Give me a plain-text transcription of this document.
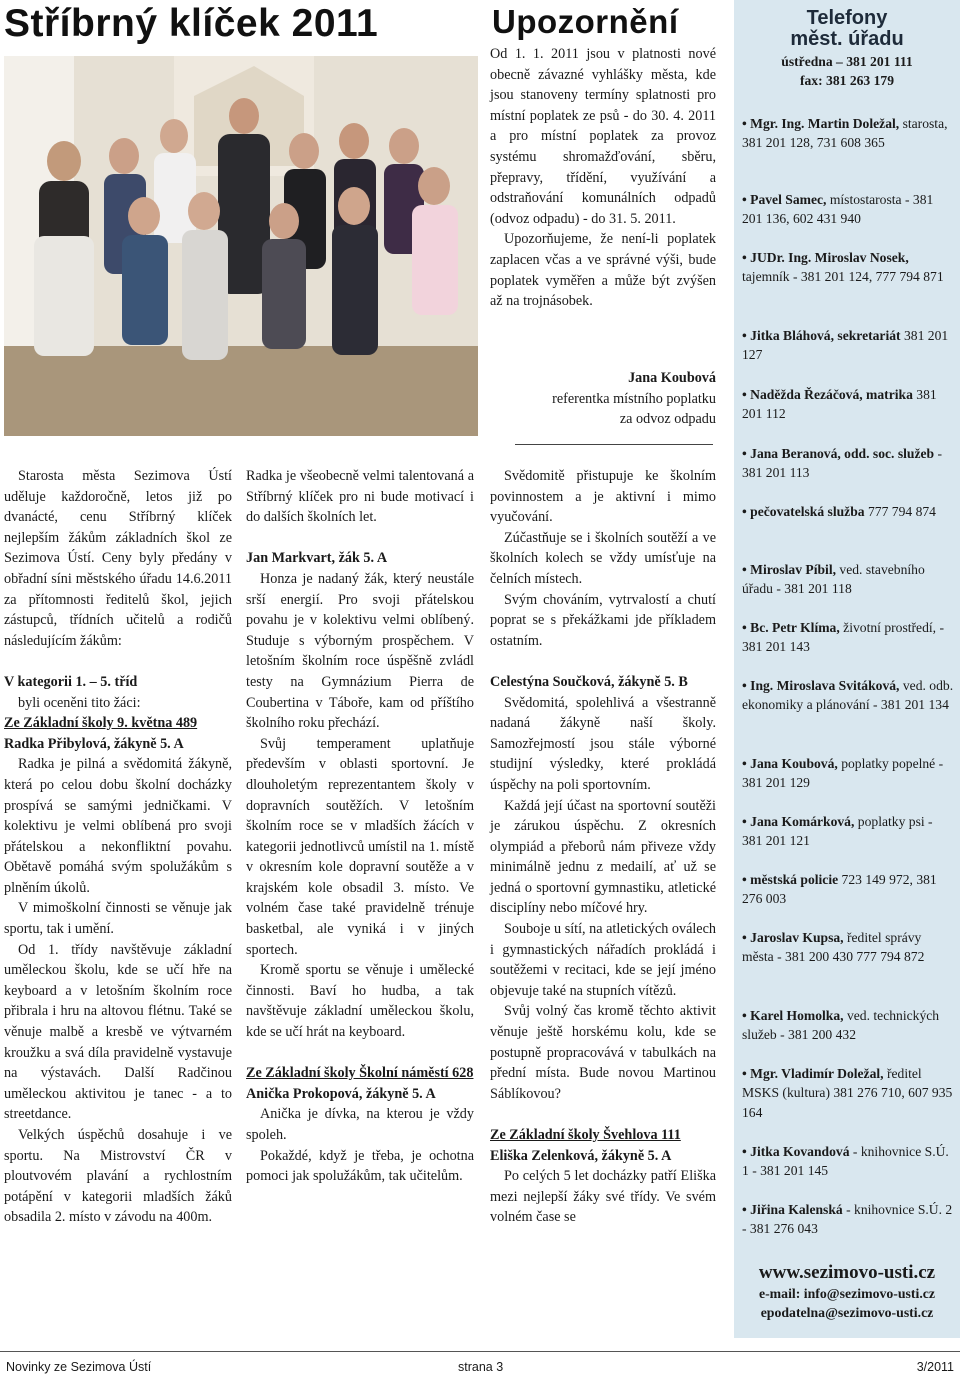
Stříbrný klíček 2011	Upozornění

Od 1. 1. 2011 jsou v platnosti nové obecně závazné vyhlášky města, kde jsou stanoveny termíny splatnosti pro místní poplatek ze psů - do 30. 4. 2011 a pro místní poplatek za provoz systému shromažďování, sběru, přepravy, třídění, využívání a odstraňování komunálních odpadů (odvoz odpadu) - do 31. 5. 2011.

Upozorňujeme, že není-li poplatek zaplacen včas a ve správné výši, bude poplatek vyměřen a může být zvýšen až na trojnásobek.

Jana Koubová
referentka místního poplatku
za odvoz odpadu
Telefony
měst. úřadu
ústředna – 381 201 111
fax: 381 263 179
• Mgr. Ing. Martin Doležal, starosta, 381 201 128, 731 608 365
• Pavel Samec, místostarosta - 381 201 136, 602 431 940
• JUDr. Ing. Miroslav Nosek, tajemník - 381 201 124, 777 794 871
• Jitka Bláhová, sekretariát 381 201 127
• Naděžda Řezáčová, matrika 381 201 112
• Jana Beranová, odd. soc. služeb - 381 201 113
• pečovatelská služba 777 794 874
• Miroslav Píbil, ved. stavebního úřadu - 381 201 118
• Bc. Petr Klíma, životní prostředí, - 381 201 143
• Ing. Miroslava Svitáková, ved. odb. ekonomiky a plánování - 381 201 134
• Jana Koubová, poplatky popelné - 381 201 129
• Jana Komárková, poplatky psi - 381 201 121
• městská policie 723 149 972, 381 276 003
• Jaroslav Kupsa, ředitel správy města - 381 200 430 777 794 872
• Karel Homolka, ved. technických služeb - 381 200 432
• Mgr. Vladimír Doležal, ředitel MSKS (kultura) 381 276 710, 607 935 164
• Jitka Kovandová - knihovnice S.Ú. 1 - 381 201 145
• Jiřina Kalenská - knihovnice S.Ú. 2 - 381 276 043
www.sezimovo-usti.cz
e-mail: info@sezimovo-usti.cz
epodatelna@sezimovo-usti.cz

Starosta města Sezimova Ústí uděluje každoročně, letos již po dvanácté, cenu Stříbrný klíček nejlepším žákům základních škol ze Sezimova Ústí. Ceny byly předány v obřadní síni městského úřadu 14.6.2011 za přítomnosti ředitelů škol, jejich zástupců, třídních učitelů a rodičů následujícím žákům:

V kategorii 1. – 5. tříd

byli oceněni tito žáci:

Ze Základní školy 9. května 489

Radka Přibylová, žákyně 5. A

Radka je pilná a svědomitá žákyně, která po celou dobu školní docházky prospívá se samými jedničkami. V kolektivu je velmi oblíbená pro svoji přátelskou a nekonfliktní povahu. Obětavě pomáhá svým spolužákům s plněním úkolů.

V mimoškolní činnosti se věnuje jak sportu, tak i umění.

Od 1. třídy navštěvuje základní uměleckou školu, kde se učí hře na keyboard a v letošním školním roce přibrala i hru na altovou flétnu. Také se věnuje malbě a kresbě ve výtvarném kroužku a svá díla pravidelně vystavuje na výstavách. Další Radčinou uměleckou aktivitou je tanec - a to streetdance.

Velkých úspěchů dosahuje i ve sportu. Na Mistrovství ČR v ploutvovém plavání a rychlostním potápění v kategorii mladších žáků obsadila 2. místo v závodu na 400m.

Radka je všeobecně velmi talentovaná a Stříbrný klíček pro ni bude motivací i do dalších školních let.

Jan Markvart, žák 5. A

Honza je nadaný žák, který neustále srší energií. Pro svoji přátelskou povahu je v kolektivu velmi oblíbený. Studuje s výborným prospěchem. V letošním školním roce úspěšně zvládl testy na Gymnázium Pierra de Coubertina v Táboře, kam od příštího školního roku přechází.

Svůj temperament uplatňuje především v oblasti sportovní. Je dlouholetým reprezentantem školy v dopravních soutěžích. V letošním školním roce se v mladších žácích v kategorii jednotlivců umístil na 1. místě v okresním kole dopravní soutěže a v krajském kole obsadil 3. místo. Ve volném čase také pravidelně trénuje basketbal, ale vyniká i v jiných sportech.

Kromě sportu se věnuje i umělecké činnosti. Baví ho hudba, a tak navštěvuje základní uměleckou školu, kde se učí hrát na keyboard.

Ze Základní školy Školní náměstí 628

Anička Prokopová, žákyně 5. A

Anička je dívka, na kterou je vždy spoleh.

Pokaždé, když je třeba, je ochotna pomoci jak spolužákům, tak učitelům.

Svědomitě přistupuje ke školním povinnostem a je aktivní i mimo vyučování.

Zúčastňuje se i školních soutěží a ve školních kolech se vždy umísťuje na čelních místech.

Svým chováním, vytrvalostí a chutí poprat se s překážkami jde příkladem ostatním.

Celestýna Součková, žákyně 5. B

Svědomitá, spolehlivá a všestranně nadaná žákyně naší školy. Samozřejmostí jsou stále výborné studijní výsledky, které prokládá úspěchy na poli sportovním.

Každá její účast na sportovní soutěži je zárukou úspěchu. Z okresních olympiád a přeborů nám přiveze vždy minimálně jednu z medailí, ať už se jedná o sportovní gymnastiku, atletické disciplíny nebo míčové hry.

Souboje u sítí, na atletických oválech i gymnastických nářadích prokládá i soutěžemi v recitaci, kde se její jméno objevuje také na stupních vítězů.

Svůj volný čas kromě těchto aktivit věnuje ještě horskému kolu, kde se postupně propracovává v tabulkách na přední místa. Bude novou Martinou Sáblíkovou?

Ze Základní školy Švehlova 111

Eliška Zelenková, žákyně 5. A

Po celých 5 let docházky patří Eliška mezi nejlepší žáky své třídy. Ve svém volném čase se

Novinky ze Sezimova Ústí	strana 3	3/2011
